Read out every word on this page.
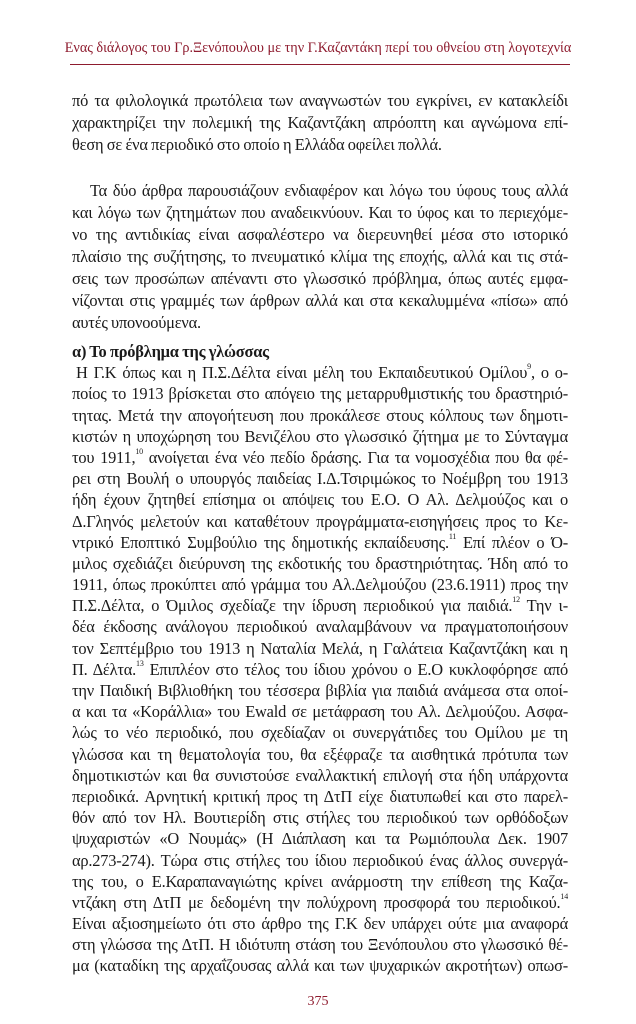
Ενας διάλογος του Γρ.Ξενόπουλου με την Γ.Καζαντάκη περί του οθνείου στη λογοτεχνία
πό τα φιλολογικά πρωτόλεια των αναγνωστών του εγκρίνει, εν κατακλείδι
χαρακτηρίζει την πολεμική της Καζαντζάκη απρόοπτη και αγνώμονα επί-
θεση σε ένα περιοδικό στο οποίο η Ελλάδα οφείλει πολλά.
Τα δύο άρθρα παρουσιάζουν ενδιαφέρον και λόγω του ύφους τους αλλά
και λόγω των ζητημάτων που αναδεικνύουν. Και το ύφος και το περιεχόμε-
νο της αντιδικίας είναι ασφαλέστερο να διερευνηθεί μέσα στο ιστορικό
πλαίσιο της συζήτησης, το πνευματικό κλίμα της εποχής, αλλά και τις στά-
σεις των προσώπων απέναντι στο γλωσσικό πρόβλημα, όπως αυτές εμφα-
νίζονται στις γραμμές των άρθρων αλλά και στα κεκαλυμμένα «πίσω» από
αυτές υπονοούμενα.
α) Το πρόβλημα της γλώσσας
Η Γ.Κ όπως και η Π.Σ.Δέλτα είναι μέλη του Εκπαιδευτικού Ομίλου$^9$, ο ο-
ποίος το 1913 βρίσκεται στο απόγειο της μεταρρυθμιστικής του δραστηριό-
τητας. Μετά την απογοήτευση που προκάλεσε στους κόλπους των δημοτι-
κιστών η υποχώρηση του Βενιζέλου στο γλωσσικό ζήτημα με το Σύνταγμα
του 1911,10 ανοίγεται ένα νέο πεδίο δράσης. Για τα νομοσχέδια που θα φέ-
ρει στη Βουλή ο υπουργός παιδείας Ι.Δ.Τσιριμώκος το Νοέμβρη του 1913
ήδη έχουν ζητηθεί επίσημα οι απόψεις του Ε.Ο. Ο Αλ. Δελμούζος και ο
Δ.Γληνός μελετούν και καταθέτουν προγράμματα-εισηγήσεις προς το Κε-
ντρικό Εποπτικό Συμβούλιο της δημοτικής εκπαίδευσης.$^{11}$ Επί πλέον ο Ό-
μιλος σχεδιάζει διεύρυνση της εκδοτικής του δραστηριότητας. Ήδη από το
1911, όπως προκύπτει από γράμμα του Αλ.Δελμούζου (23.6.1911) προς την
Π.Σ.Δέλτα, ο Όμιλος σχεδίαζε την ίδρυση περιοδικού για παιδιά.$^{12}$ Την ι-
δέα έκδοσης ανάλογου περιοδικού αναλαμβάνουν να πραγματοποιήσουν
τον Σεπτέμβριο του 1913 η Ναταλία Μελά, η Γαλάτεια Καζαντζάκη και η
Π. Δέλτα.$^{13}$ Επιπλέον στο τέλος του ίδιου χρόνου ο Ε.Ο κυκλοφόρησε από
την Παιδική Βιβλιοθήκη του τέσσερα βιβλία για παιδιά ανάμεσα στα οποί-
α και τα «Κοράλλια» του Ewald σε μετάφραση του Αλ. Δελμούζου. Ασφα-
λώς το νέο περιοδικό, που σχεδίαζαν οι συνεργάτιδες του Ομίλου με τη
γλώσσα και τη θεματολογία του, θα εξέφραζε τα αισθητικά πρότυπα των
δημοτικιστών και θα συνιστούσε εναλλακτική επιλογή στα ήδη υπάρχοντα
περιοδικά. Αρνητική κριτική προς τη ΔτΠ είχε διατυπωθεί και στο παρελ-
θόν από τον Ηλ. Βουτιερίδη στις στήλες του περιοδικού των ορθόδοξων
ψυχαριστών «Ο Νουμάς» (Η Διάπλαση και τα Ρωμιόπουλα Δεκ. 1907
αρ.273-274). Τώρα στις στήλες του ίδιου περιοδικού ένας άλλος συνεργά-
της του, ο Ε.Καραπαναγιώτης κρίνει ανάρμοστη την επίθεση της Καζα-
ντζάκη στη ΔτΠ με δεδομένη την πολύχρονη προσφορά του περιοδικού.$^{14}$
Είναι αξιοσημείωτο ότι στο άρθρο της Γ.Κ δεν υπάρχει ούτε μια αναφορά
στη γλώσσα της ΔτΠ. Η ιδιότυπη στάση του Ξενόπουλου στο γλωσσικό θέ-
μα (καταδίκη της αρχαΐζουσας αλλά και των ψυχαρικών ακροτήτων) οπωσ-
375
